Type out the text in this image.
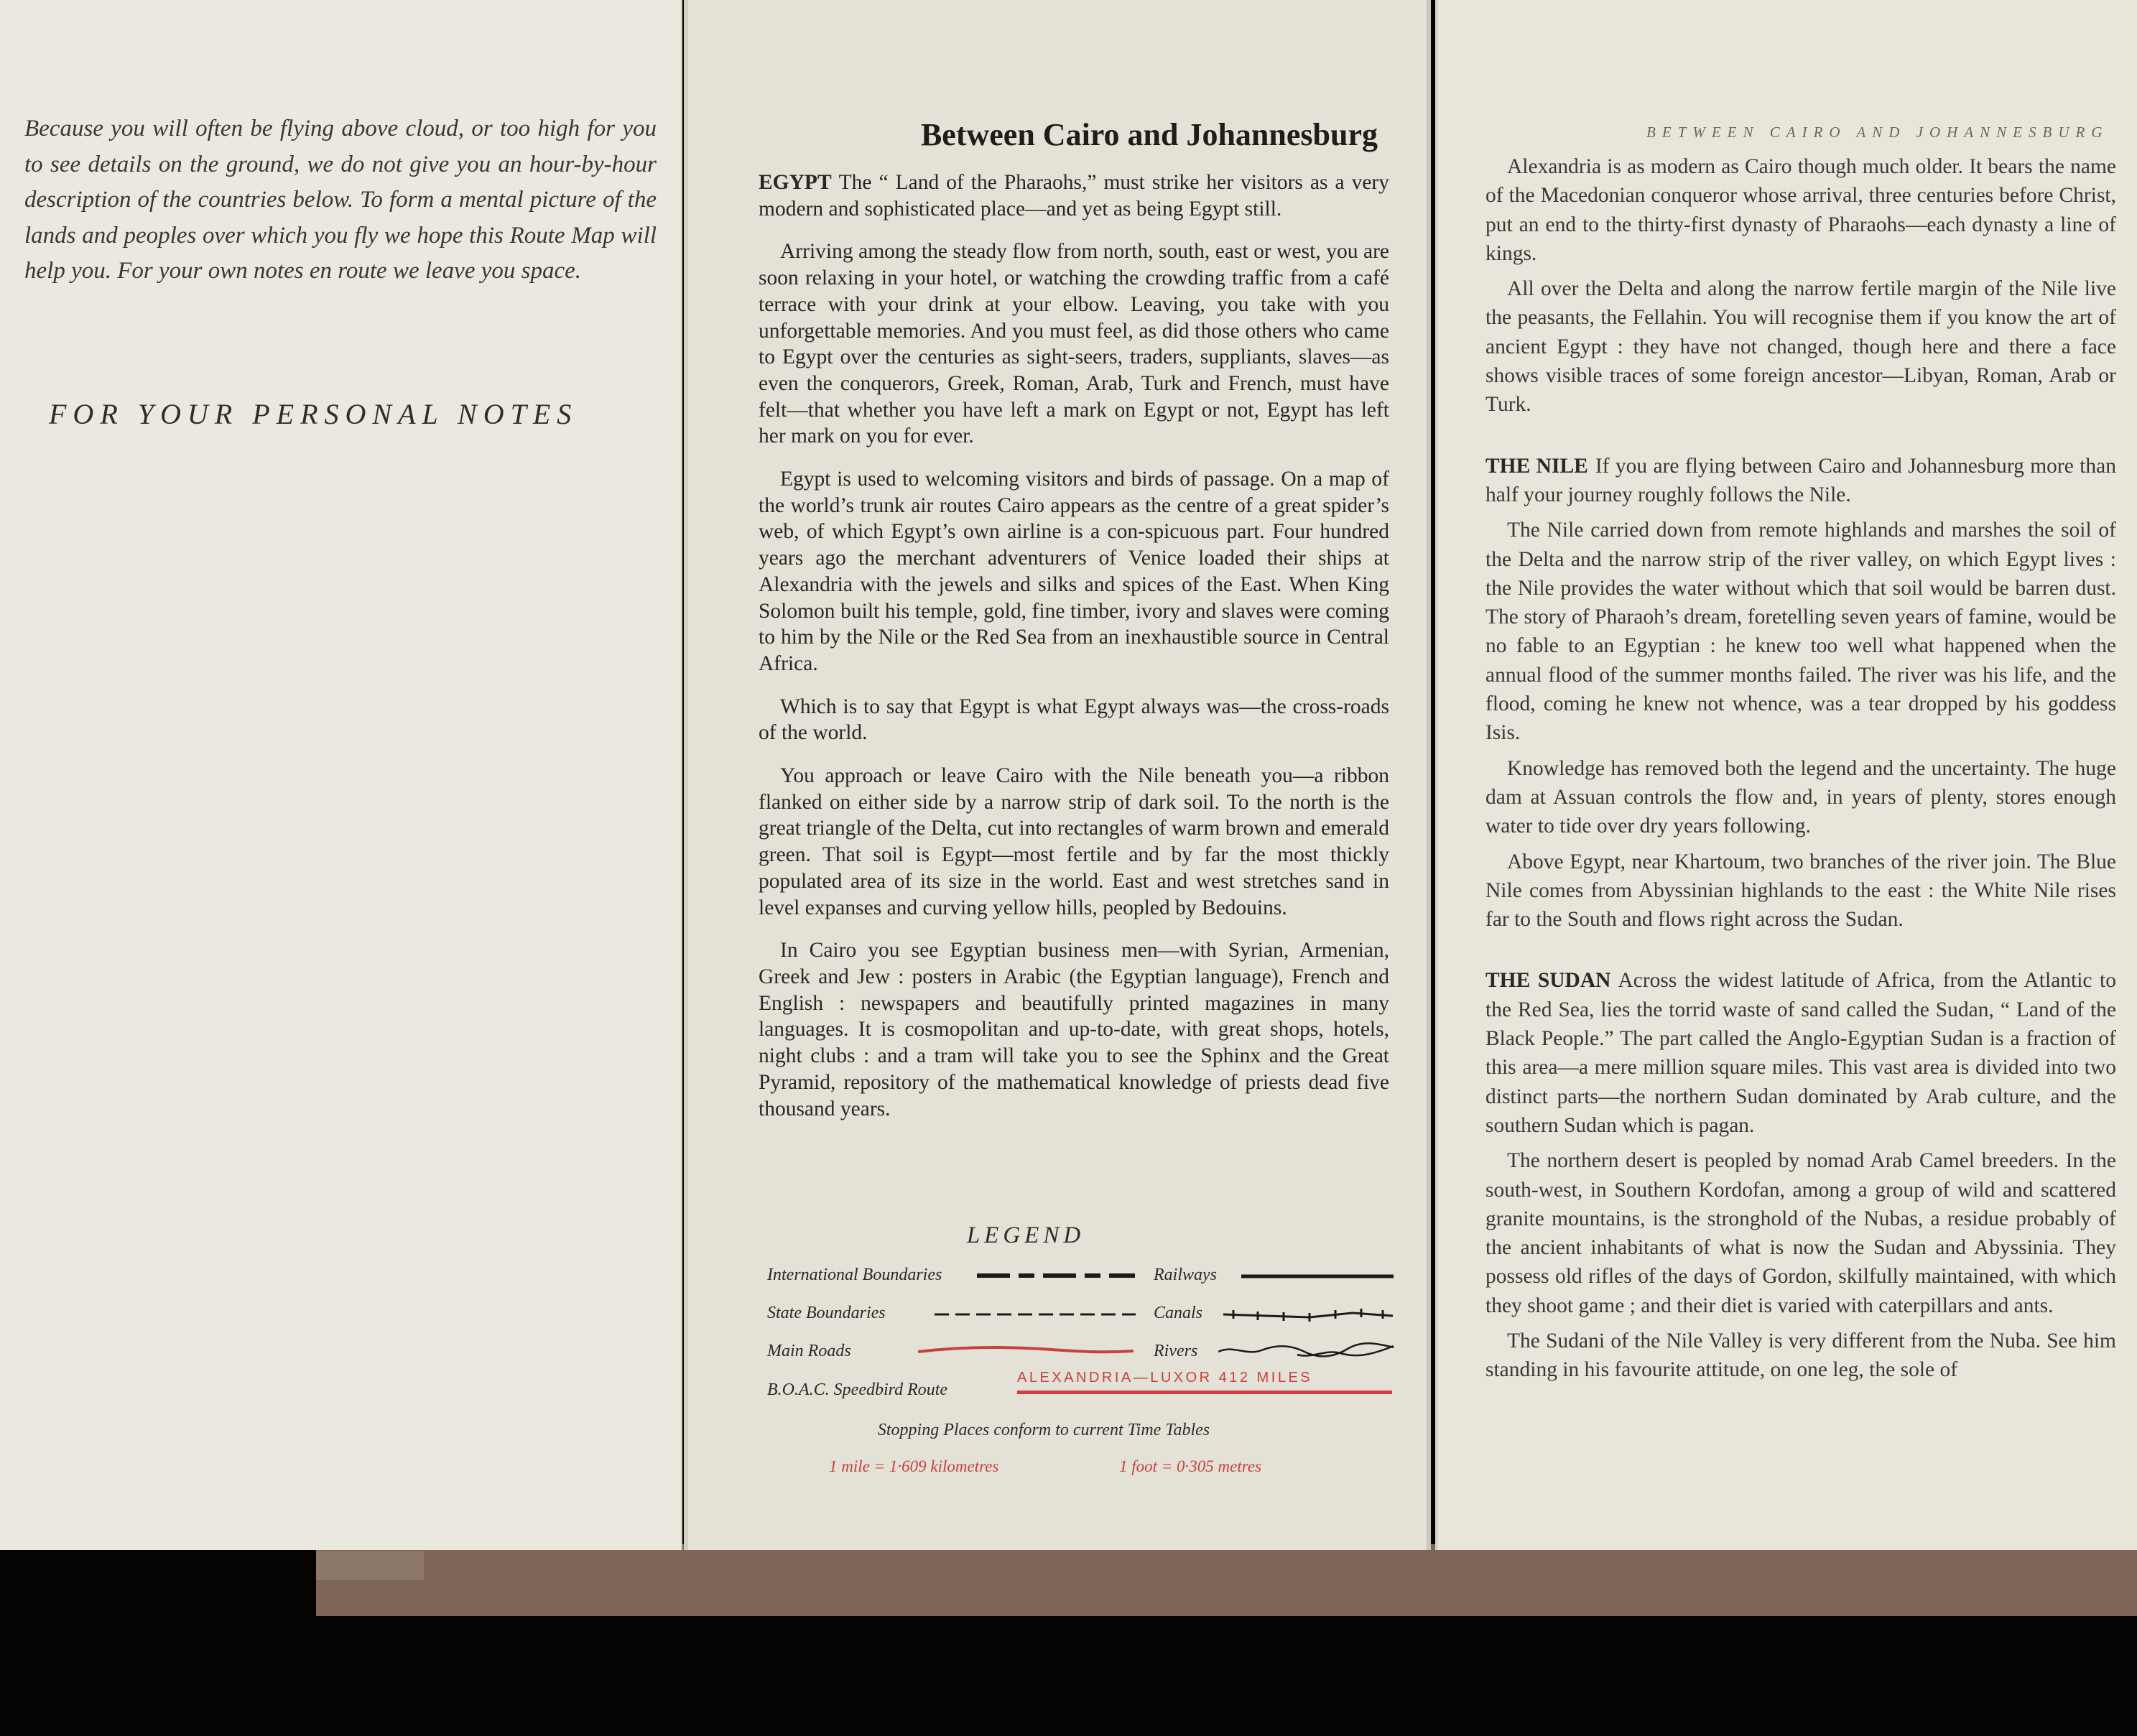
Because you will often be flying above cloud, or too high for you to see details on the ground, we do not give you an hour-by-hour description of the countries below. To form a mental picture of the lands and peoples over which you fly we hope this Route Map will help you. For your own notes en route we leave you space.
FOR YOUR PERSONAL NOTES
Between Cairo and Johannesburg

EGYPT The “ Land of the Pharaohs,” must strike her visitors as a very modern and sophisticated place—and yet as being Egypt still.

Arriving among the steady flow from north, south, east or west, you are soon relaxing in your hotel, or watching the crowding traffic from a café terrace with your drink at your elbow. Leaving, you take with you unforgettable memories. And you must feel, as did those others who came to Egypt over the centuries as sight-seers, traders, suppliants, slaves—as even the conquerors, Greek, Roman, Arab, Turk and French, must have felt—that whether you have left a mark on Egypt or not, Egypt has left her mark on you for ever.

Egypt is used to welcoming visitors and birds of passage. On a map of the world’s trunk air routes Cairo appears as the centre of a great spider’s web, of which Egypt’s own airline is a con-spicuous part. Four hundred years ago the merchant adventurers of Venice loaded their ships at Alexandria with the jewels and silks and spices of the East. When King Solomon built his temple, gold, fine timber, ivory and slaves were coming to him by the Nile or the Red Sea from an inexhaustible source in Central Africa.

Which is to say that Egypt is what Egypt always was—the cross-roads of the world.

You approach or leave Cairo with the Nile beneath you—a ribbon flanked on either side by a narrow strip of dark soil. To the north is the great triangle of the Delta, cut into rectangles of warm brown and emerald green. That soil is Egypt—most fertile and by far the most thickly populated area of its size in the world. East and west stretches sand in level expanses and curving yellow hills, peopled by Bedouins.

In Cairo you see Egyptian business men—with Syrian, Armenian, Greek and Jew : posters in Arabic (the Egyptian language), French and English : newspapers and beautifully printed magazines in many languages. It is cosmopolitan and up-to-date, with great shops, hotels, night clubs : and a tram will take you to see the Sphinx and the Great Pyramid, repository of the mathematical knowledge of priests dead five thousand years.

LEGEND
International Boundaries	Railways
State Boundaries	Canals
Main Roads	Rivers
B.O.A.C. Speedbird Route
ALEXANDRIA—LUXOR 412 MILES
Stopping Places conform to current Time Tables
1 mile = 1·609 kilometres	1 foot = 0·305 metres
BETWEEN CAIRO AND JOHANNESBURG

Alexandria is as modern as Cairo though much older. It bears the name of the Macedonian conqueror whose arrival, three centuries before Christ, put an end to the thirty-first dynasty of Pharaohs—each dynasty a line of kings.

All over the Delta and along the narrow fertile margin of the Nile live the peasants, the Fellahin. You will recognise them if you know the art of ancient Egypt : they have not changed, though here and there a face shows visible traces of some foreign ancestor—Libyan, Roman, Arab or Turk.

THE NILE If you are flying between Cairo and Johannesburg more than half your journey roughly follows the Nile.

The Nile carried down from remote highlands and marshes the soil of the Delta and the narrow strip of the river valley, on which Egypt lives : the Nile provides the water without which that soil would be barren dust. The story of Pharaoh’s dream, foretelling seven years of famine, would be no fable to an Egyptian : he knew too well what happened when the annual flood of the summer months failed. The river was his life, and the flood, coming he knew not whence, was a tear dropped by his goddess Isis.

Knowledge has removed both the legend and the uncertainty. The huge dam at Assuan controls the flow and, in years of plenty, stores enough water to tide over dry years following.

Above Egypt, near Khartoum, two branches of the river join. The Blue Nile comes from Abyssinian highlands to the east : the White Nile rises far to the South and flows right across the Sudan.

THE SUDAN Across the widest latitude of Africa, from the Atlantic to the Red Sea, lies the torrid waste of sand called the Sudan, “ Land of the Black People.” The part called the Anglo-Egyptian Sudan is a fraction of this area—a mere million square miles. This vast area is divided into two distinct parts—the northern Sudan dominated by Arab culture, and the southern Sudan which is pagan.

The northern desert is peopled by nomad Arab Camel breeders. In the south-west, in Southern Kordofan, among a group of wild and scattered granite mountains, is the stronghold of the Nubas, a residue probably of the ancient inhabitants of what is now the Sudan and Abyssinia. They possess old rifles of the days of Gordon, skilfully maintained, with which they shoot game ; and their diet is varied with caterpillars and ants.

The Sudani of the Nile Valley is very different from the Nuba. See him standing in his favourite attitude, on one leg, the sole of
